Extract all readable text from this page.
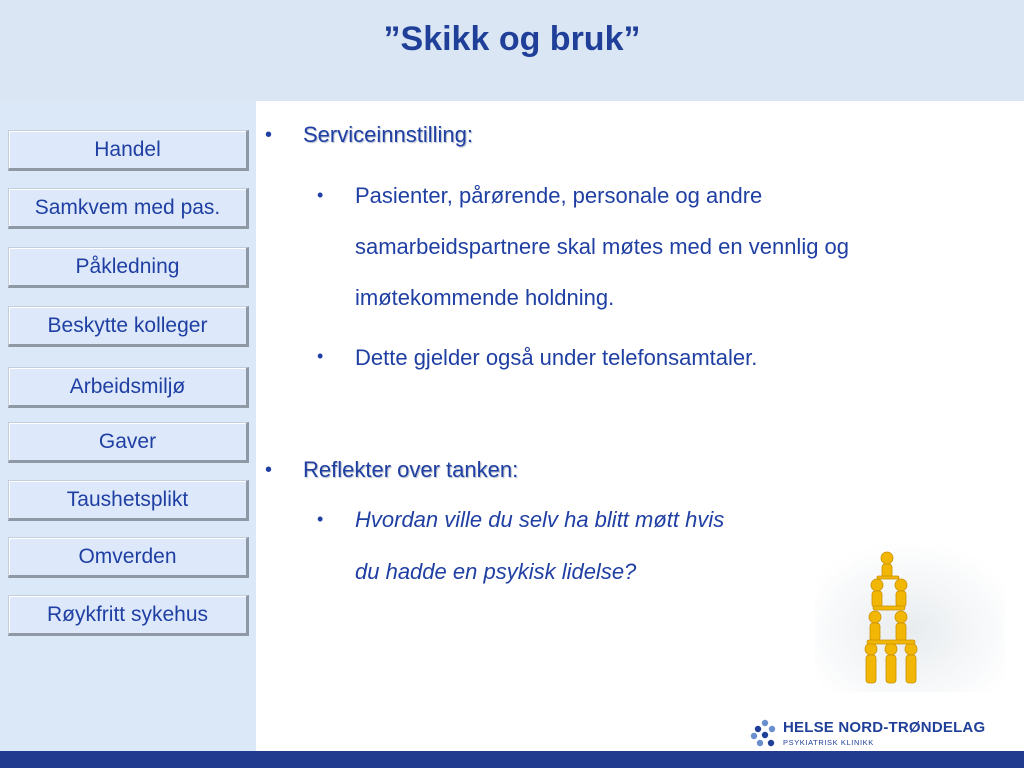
”Skikk og bruk”
Handel
Samkvem med pas.
Påkledning
Beskytte kolleger
Arbeidsmiljø
Gaver
Taushetsplikt
Omverden
Røykfritt sykehus
• Serviceinnstilling:
• Pasienter, pårørende, personale og andre samarbeidspartnere skal møtes med en vennlig og imøtekommende holdning.
• Dette gjelder også under telefonsamtaler.
• Reflekter over tanken:
• Hvordan ville du selv ha blitt møtt hvis
du hadde en psykisk lidelse?
HELSE NORD-TRØNDELAG
PSYKIATRISK KLINIKK
